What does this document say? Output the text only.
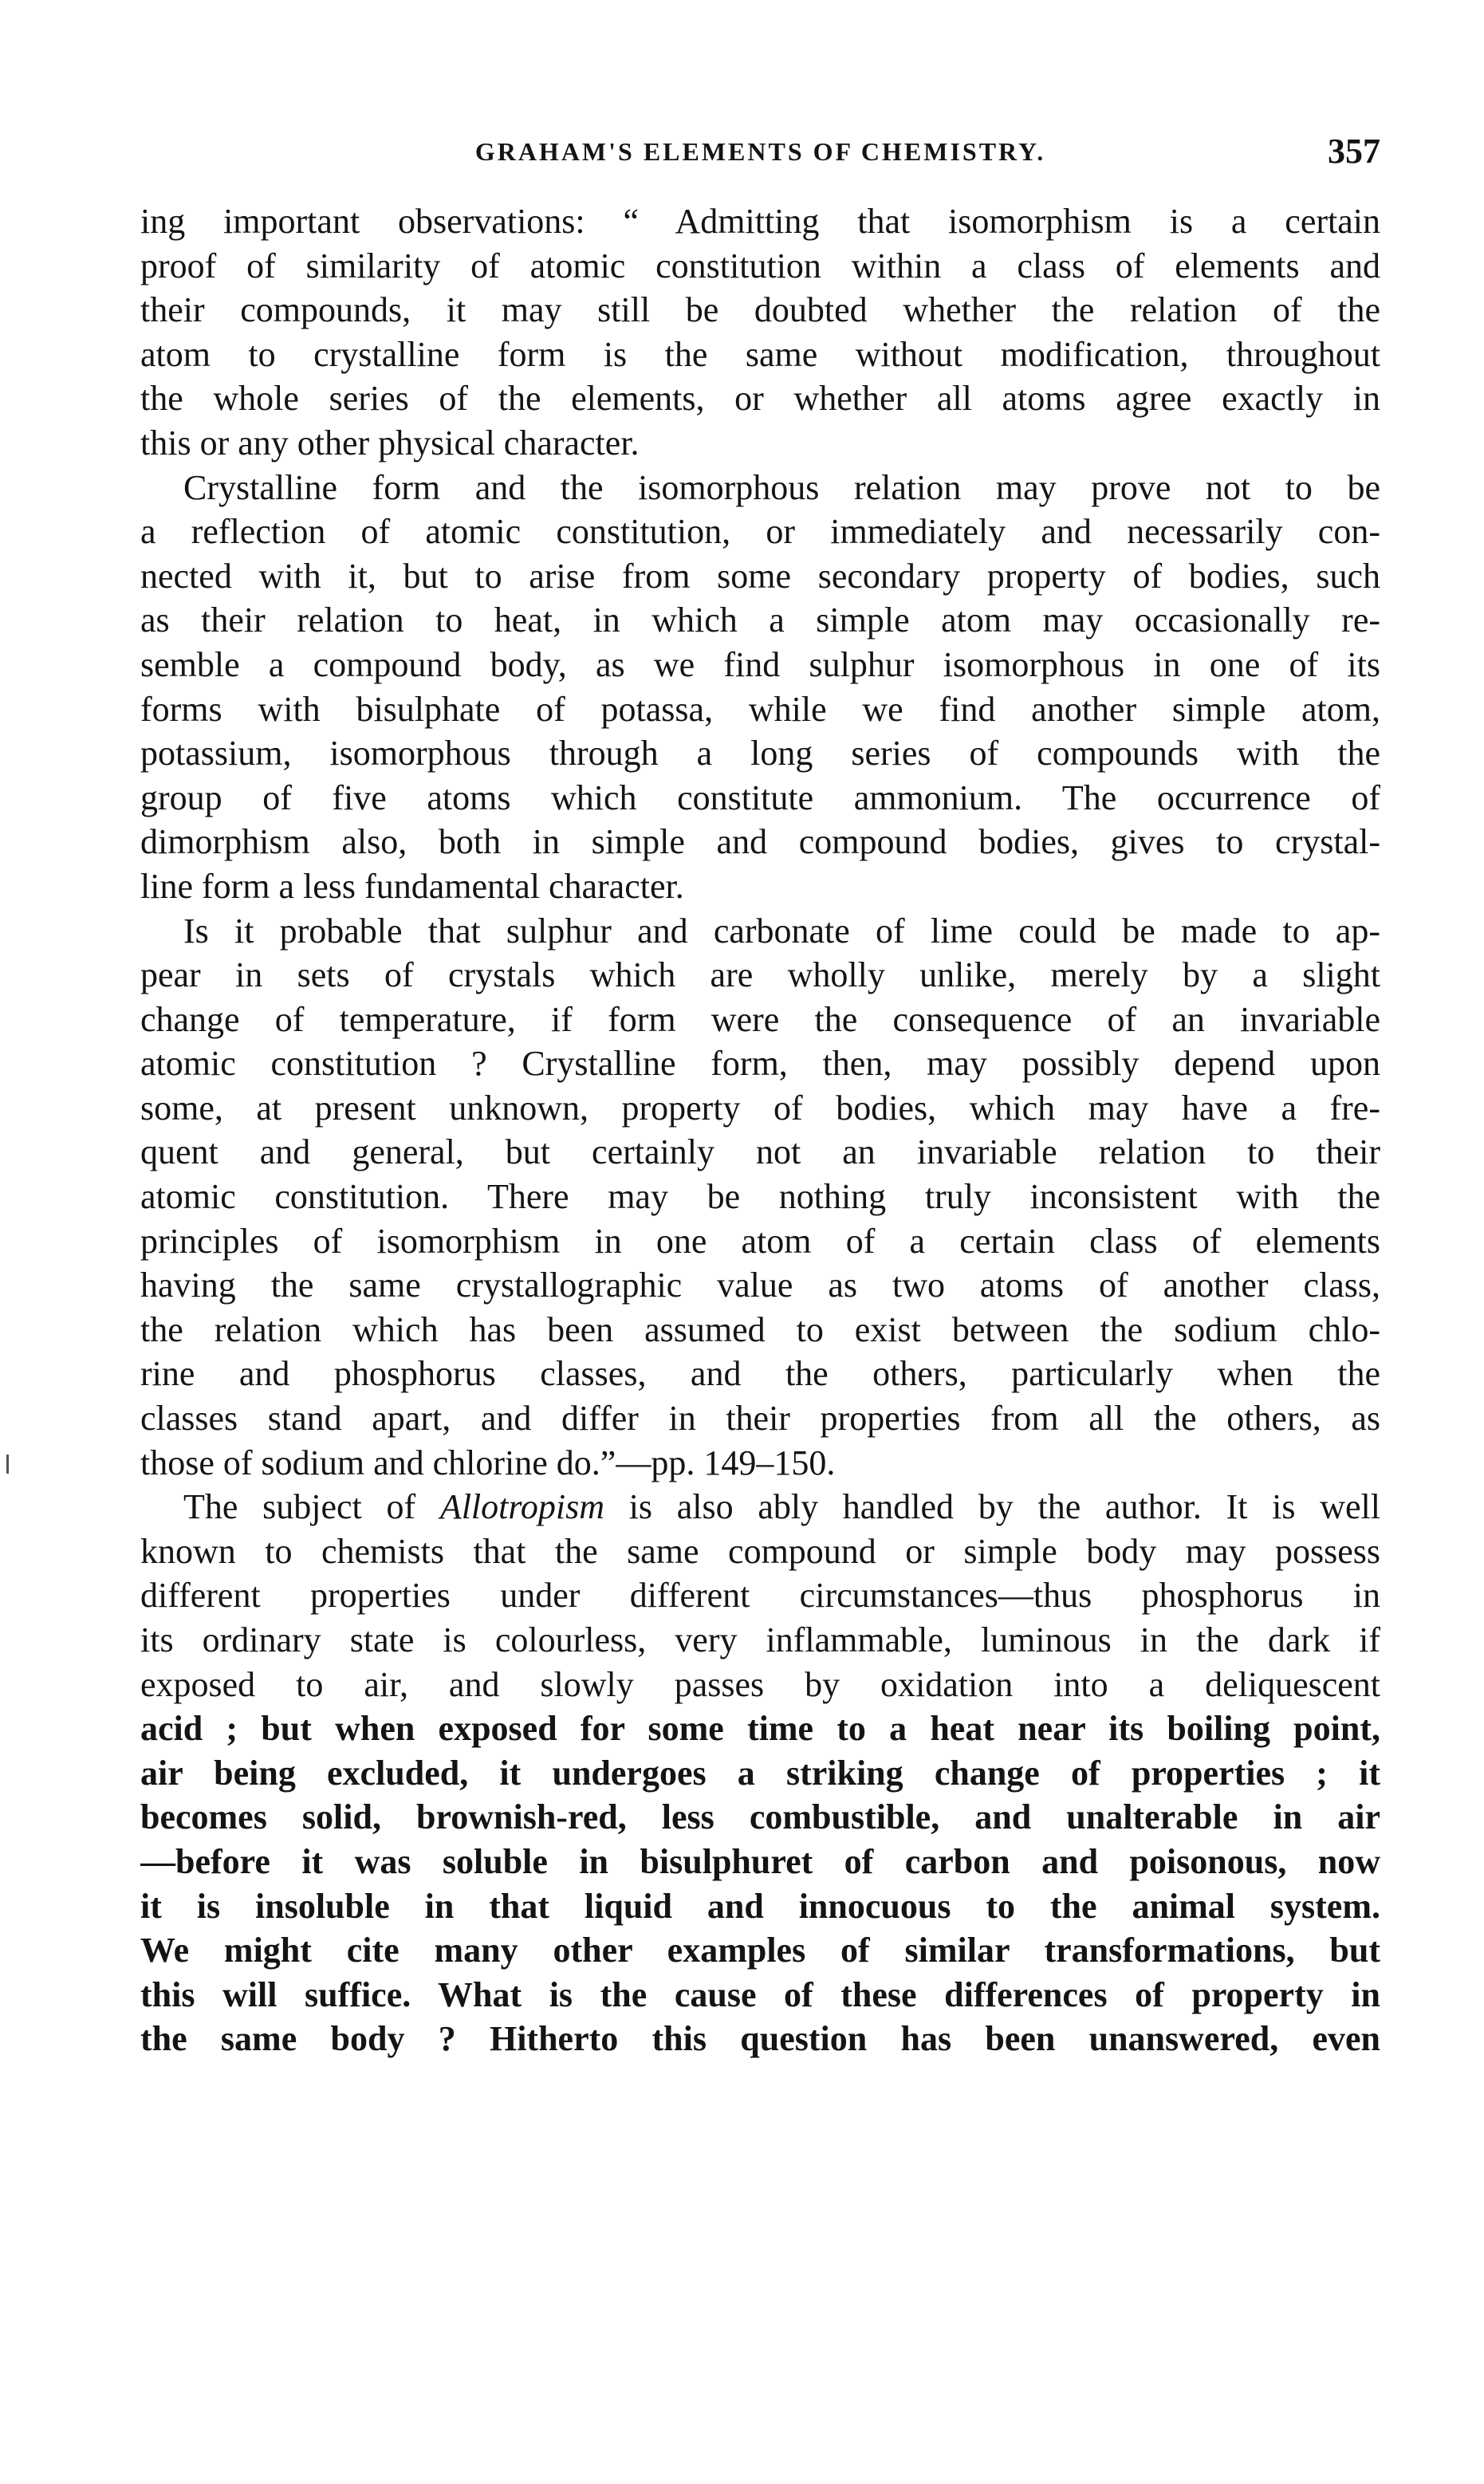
GRAHAM'S ELEMENTS OF CHEMISTRY.	357
ing important observations: “ Admitting that isomorphism is a certain
proof of similarity of atomic constitution within a class of elements and
their compounds, it may still be doubted whether the relation of the
atom to crystalline form is the same without modification, throughout
the whole series of the elements, or whether all atoms agree exactly in
this or any other physical character.
Crystalline form and the isomorphous relation may prove not to be
a reflection of atomic constitution, or immediately and necessarily con-
nected with it, but to arise from some secondary property of bodies, such
as their relation to heat, in which a simple atom may occasionally re-
semble a compound body, as we find sulphur isomorphous in one of its
forms with bisulphate of potassa, while we find another simple atom,
potassium, isomorphous through a long series of compounds with the
group of five atoms which constitute ammonium. The occurrence of
dimorphism also, both in simple and compound bodies, gives to crystal-
line form a less fundamental character.
Is it probable that sulphur and carbonate of lime could be made to ap-
pear in sets of crystals which are wholly unlike, merely by a slight
change of temperature, if form were the consequence of an invariable
atomic constitution ? Crystalline form, then, may possibly depend upon
some, at present unknown, property of bodies, which may have a fre-
quent and general, but certainly not an invariable relation to their
atomic constitution. There may be nothing truly inconsistent with the
principles of isomorphism in one atom of a certain class of elements
having the same crystallographic value as two atoms of another class,
the relation which has been assumed to exist between the sodium chlo-
rine and phosphorus classes, and the others, particularly when the
classes stand apart, and differ in their properties from all the others, as
those of sodium and chlorine do.”—pp. 149–150.
The subject of Allotropism is also ably handled by the author. It is well
known to chemists that the same compound or simple body may possess
different properties under different circumstances—thus phosphorus in
its ordinary state is colourless, very inflammable, luminous in the dark if
exposed to air, and slowly passes by oxidation into a deliquescent
acid ; but when exposed for some time to a heat near its boiling point,
air being excluded, it undergoes a striking change of properties ; it
becomes solid, brownish-red, less combustible, and unalterable in air
—before it was soluble in bisulphuret of carbon and poisonous, now
it is insoluble in that liquid and innocuous to the animal system.
We might cite many other examples of similar transformations, but
this will suffice. What is the cause of these differences of property in
the same body ? Hitherto this question has been unanswered, even
